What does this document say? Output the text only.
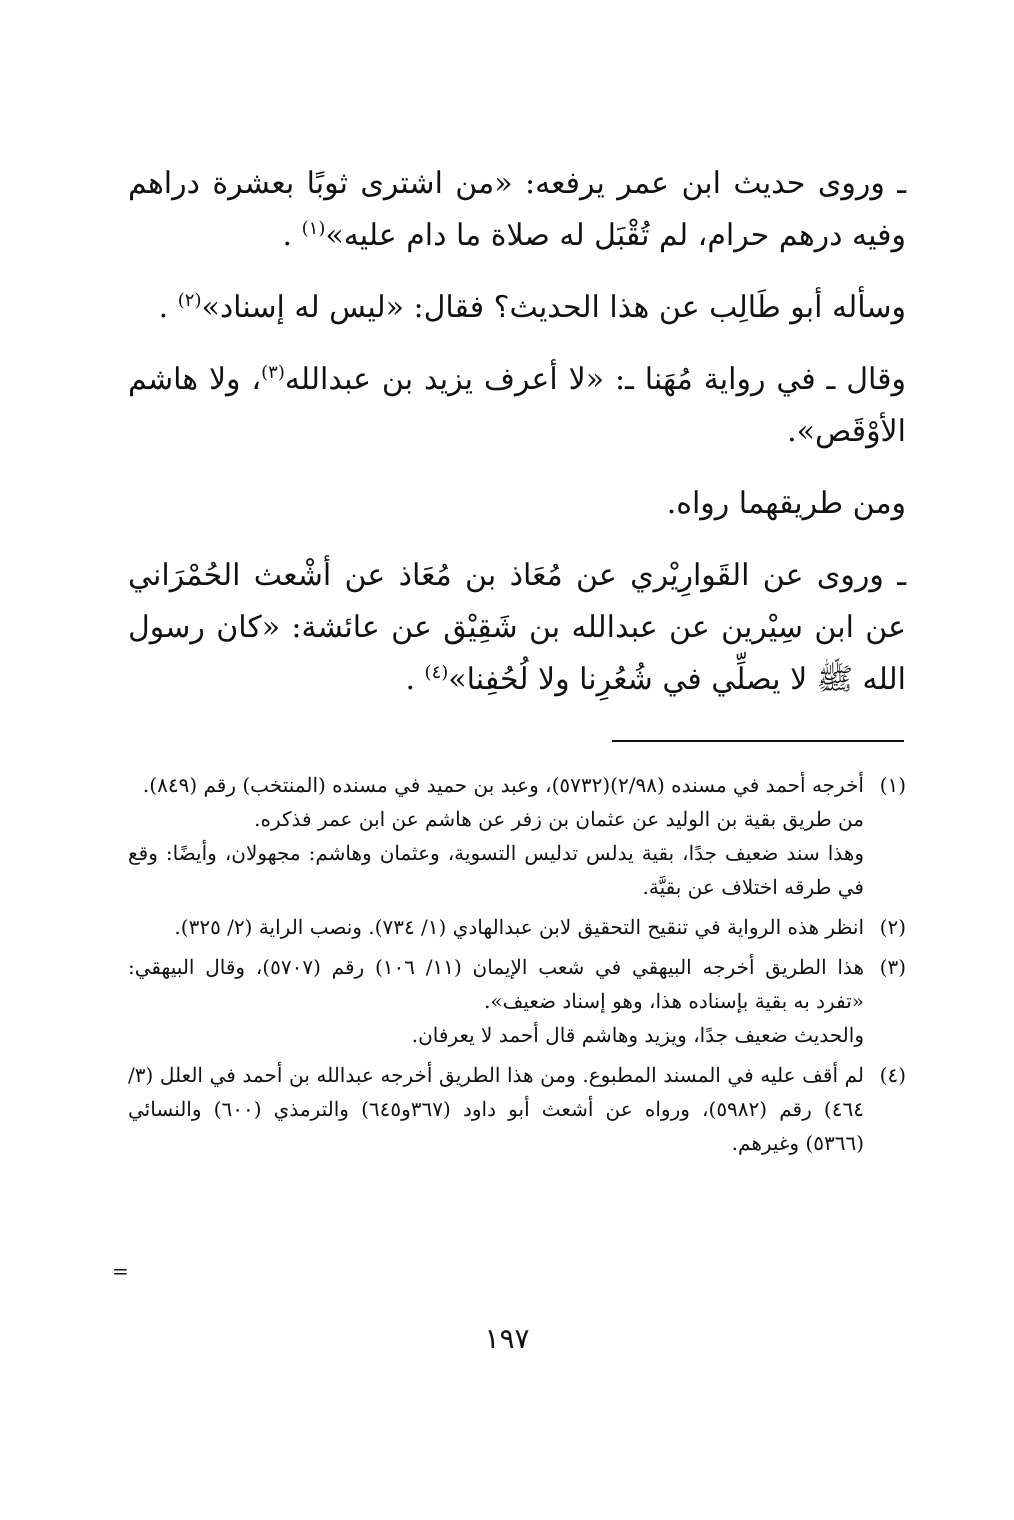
ـ وروى حديث ابن عمر يرفعه: «من اشترى ثوبًا بعشرة دراهم وفيه درهم حرام، لم تُقْبَل له صلاة ما دام عليه»$^{(١)}$ .

وسأله أبو طَالِب عن هذا الحديث؟ فقال: «ليس له إسناد»$^{(٢)}$ .

وقال ـ في رواية مُهَنا ـ: «لا أعرف يزيد بن عبدالله$^{(٣)}$، ولا هاشم الأوْقَص».

ومن طريقهما رواه.

ـ وروى عن القَوارِيْري عن مُعَاذ بن مُعَاذ عن أشْعث الحُمْرَاني عن ابن سِيْرين عن عبدالله بن شَقِيْق عن عائشة: «كان رسول الله ﷺ لا يصلِّي في شُعُرِنا ولا لُحُفِنا»$^{(٤)}$ .

(١)

أخرجه أحمد في مسنده (٢/٩٨)(٥٧٣٢)، وعبد بن حميد في مسنده (المنتخب) رقم (٨٤٩).

من طريق بقية بن الوليد عن عثمان بن زفر عن هاشم عن ابن عمر فذكره.

وهذا سند ضعيف جدًا، بقية يدلس تدليس التسوية، وعثمان وهاشم: مجهولان، وأيضًا: وقع في طرقه اختلاف عن بقيَّة.

(٢)

انظر هذه الرواية في تنقيح التحقيق لابن عبدالهادي (١/ ٧٣٤). ونصب الراية (٢/ ٣٢٥).

(٣)

هذا الطريق أخرجه البيهقي في شعب الإيمان (١١/ ١٠٦) رقم (٥٧٠٧)، وقال البيهقي: «تفرد به بقية بإسناده هذا، وهو إسناد ضعيف».

والحديث ضعيف جدًا، ويزيد وهاشم قال أحمد لا يعرفان.

(٤)

لم أقف عليه في المسند المطبوع. ومن هذا الطريق أخرجه عبدالله بن أحمد في العلل (٣/ ٤٦٤) رقم (٥٩٨٢)، ورواه عن أشعث أبو داود (٣٦٧و٦٤٥) والترمذي (٦٠٠) والنسائي (٥٣٦٦) وغيرهم.

=
١٩٧
